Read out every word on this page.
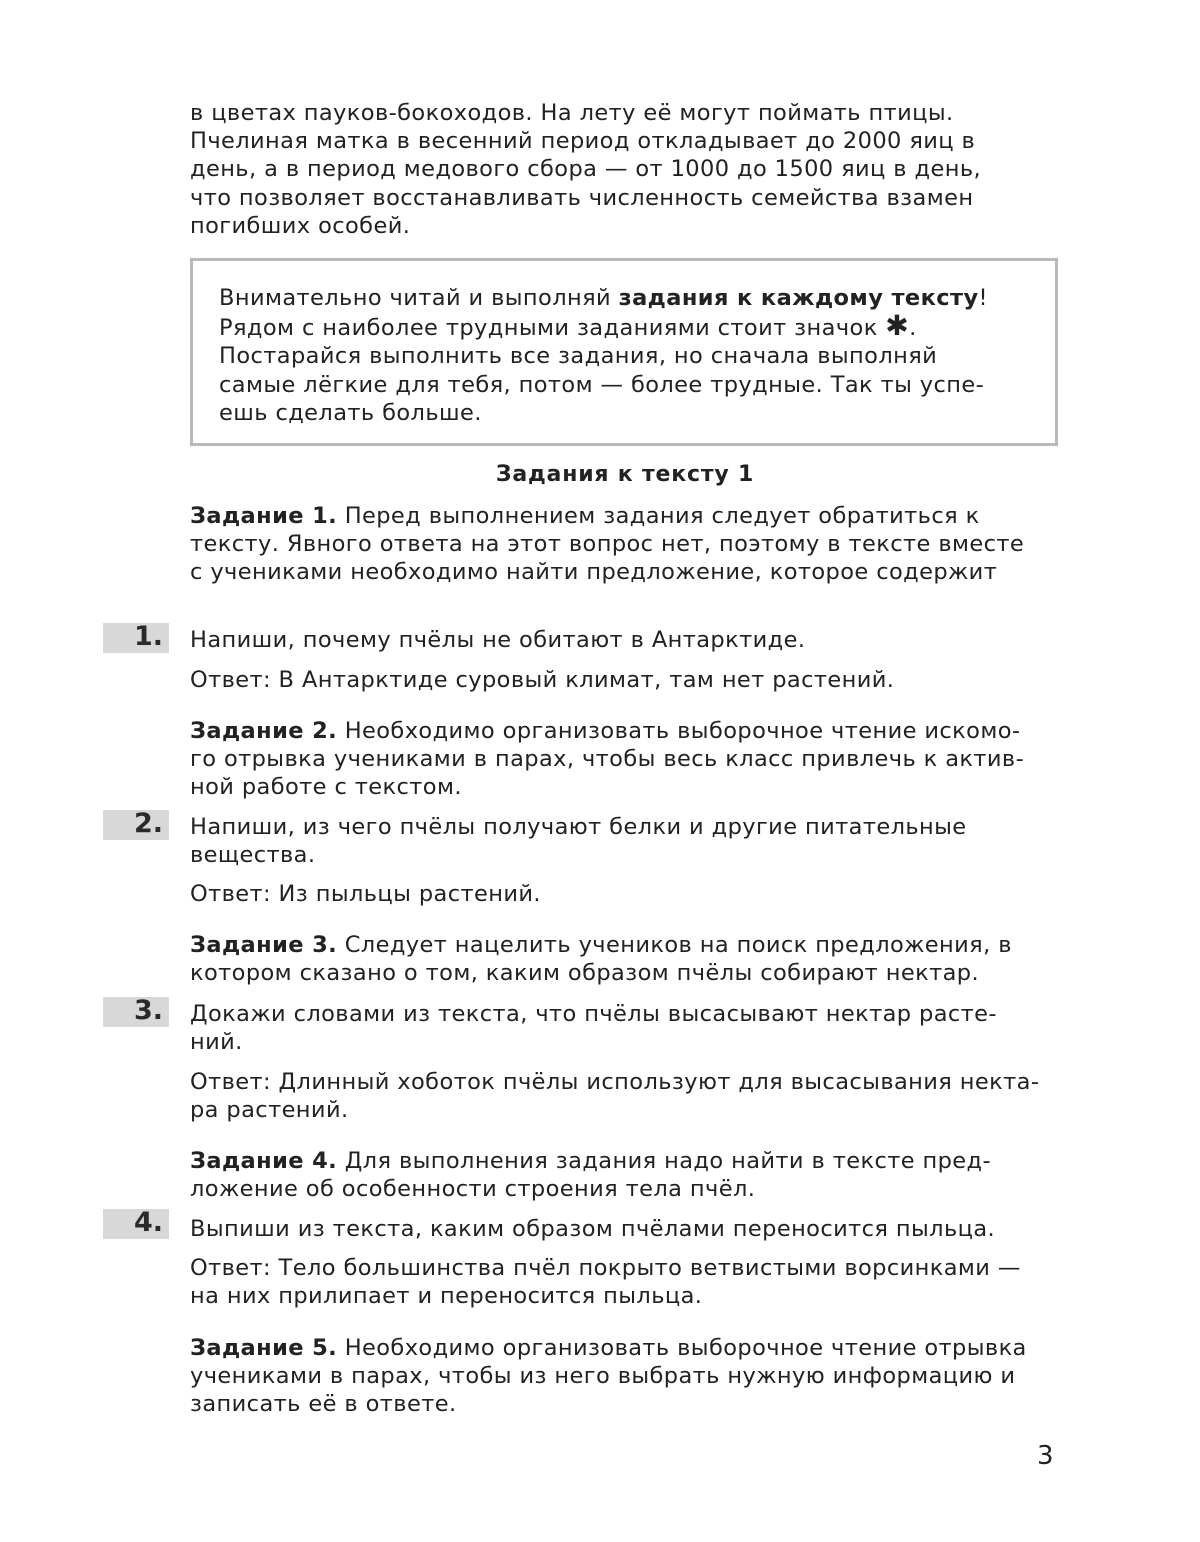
в цветах пауков-бокоходов. На лету её могут поймать птицы.
Пчелиная матка в весенний период откладывает до 2000 яиц в
день, а в период медового сбора — от 1000 до 1500 яиц в день,
что позволяет восстанавливать численность семейства взамен
погибших особей.

Внимательно читай и выполняй задания к каждому тексту!
Рядом с наиболее трудными заданиями стоит значок ✱.
Постарайся выполнить все задания, но сначала выполняй
самые лёгкие для тебя, потом — более трудные. Так ты успе-
ешь сделать больше.

Задания к тексту 1

Задание 1. Перед выполнением задания следует обратиться к
тексту. Явного ответа на этот вопрос нет, поэтому в тексте вместе
с учениками необходимо найти предложение, которое содержит

1. Напиши, почему пчёлы не обитают в Антарктиде.

Ответ: В Антарктиде суровый климат, там нет растений.

Задание 2. Необходимо организовать выборочное чтение искомо-
го отрывка учениками в парах, чтобы весь класс привлечь к актив-
ной работе с текстом.

2. Напиши, из чего пчёлы получают белки и другие питательные
вещества.

Ответ: Из пыльцы растений.

Задание 3. Следует нацелить учеников на поиск предложения, в
котором сказано о том, каким образом пчёлы собирают нектар.

3. Докажи словами из текста, что пчёлы высасывают нектар расте-
ний.

Ответ: Длинный хоботок пчёлы используют для высасывания некта-
ра растений.

Задание 4. Для выполнения задания надо найти в тексте пред-
ложение об особенности строения тела пчёл.

4. Выпиши из текста, каким образом пчёлами переносится пыльца.

Ответ: Тело большинства пчёл покрыто ветвистыми ворсинками —
на них прилипает и переносится пыльца.

Задание 5. Необходимо организовать выборочное чтение отрывка
учениками в парах, чтобы из него выбрать нужную информацию и
записать её в ответе.

3
